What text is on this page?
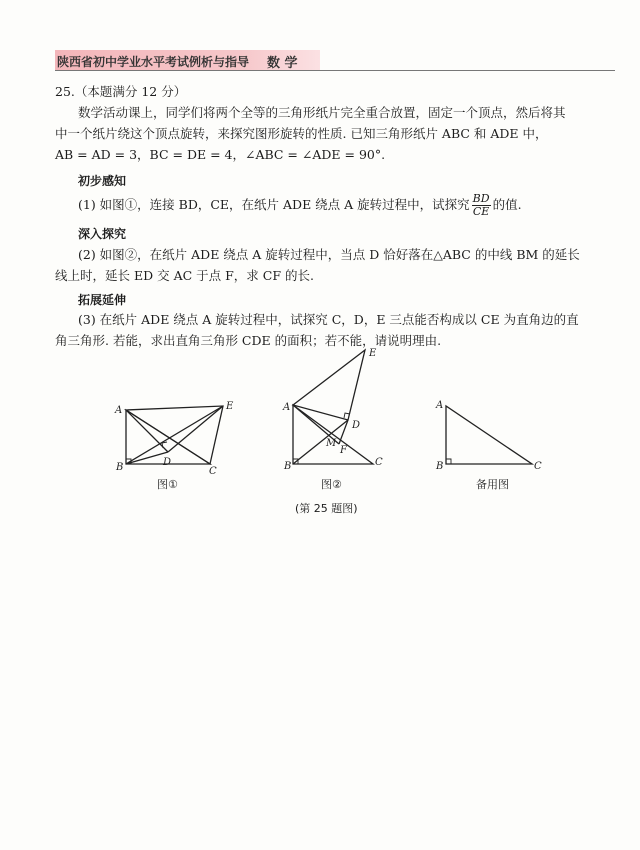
陕西省初中学业水平考试例析与指导 数 学
25.（本题满分 12 分）
数学活动课上，同学们将两个全等的三角形纸片完全重合放置，固定一个顶点，然后将其
中一个纸片绕这个顶点旋转，来探究图形旋转的性质. 已知三角形纸片 ABC 和 ADE 中，
AB = AD = 3，BC = DE = 4，∠ABC = ∠ADE = 90°.
初步感知
(1) 如图①，连接 BD，CE，在纸片 ADE 绕点 A 旋转过程中，试探究 $\frac{BD}{CE}$ 的值.
深入探究
(2) 如图②，在纸片 ADE 绕点 A 旋转过程中，当点 D 恰好落在△ABC 的中线 BM 的延长
线上时，延长 ED 交 AC 于点 F，求 CF 的长.
拓展延伸
(3) 在纸片 ADE 绕点 A 旋转过程中，试探究 C，D，E 三点能否构成以 CE 为直角边的直
角三角形. 若能，求出直角三角形 CDE 的面积；若不能，请说明理由.
A
B	C
D
E	A
B	C
D
E
M
F
A
B	C
图①	图②	备用图
(第 25 题图)
